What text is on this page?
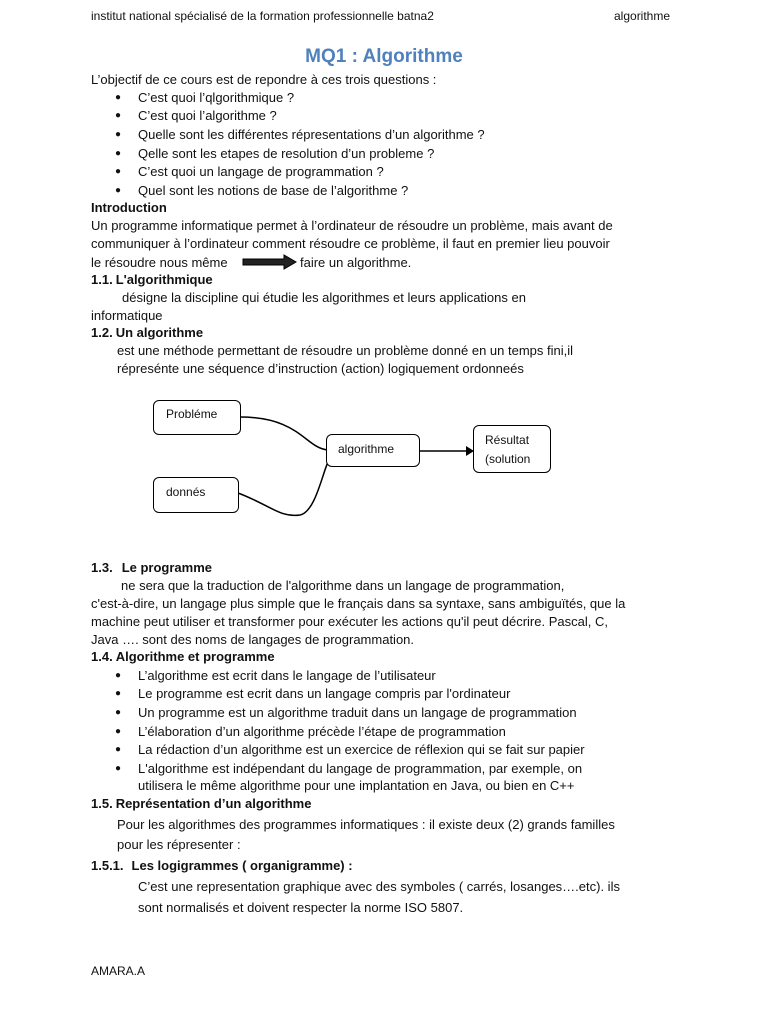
institut national spécialisé de la formation professionnelle batna2	algorithme
MQ1 : Algorithme
L’objectif de ce cours est de repondre à ces trois questions :
● C’est quoi l’qlgorithmique ?
● C’est quoi l’algorithme ?
● Quelle sont les différentes répresentations d’un algorithme ?
● Qelle sont les etapes de resolution d’un probleme ?
● C’est quoi un langage de programmation ?
● Quel sont les notions de base de l’algorithme ?
Introduction
Un programme informatique permet à l’ordinateur de résoudre un problème, mais avant de
communiquer à l’ordinateur comment résoudre ce problème, il faut en premier lieu pouvoir
le résoudre nous même	faire un algorithme.
1.1. L'algorithmique
désigne la discipline qui étudie les algorithmes et leurs applications en
informatique
1.2. Un algorithme
est une méthode permettant de résoudre un problème donné en un temps fini,il
répresénte une séquence d’instruction (action) logiquement ordonneés
Probléme
donnés
algorithme
Résultat
(solution
1.3. Le programme
ne sera que la traduction de l'algorithme dans un langage de programmation,
c'est-à-dire, un langage plus simple que le français dans sa syntaxe, sans ambiguïtés, que la
machine peut utiliser et transformer pour exécuter les actions qu'il peut décrire. Pascal, C,
Java …. sont des noms de langages de programmation.
1.4. Algorithme et programme
● L’algorithme est ecrit dans le langage de l’utilisateur
● Le programme est ecrit dans un langage compris par l'ordinateur
● Un programme est un algorithme traduit dans un langage de programmation
● L’élaboration d’un algorithme précède l’étape de programmation
● La rédaction d’un algorithme est un exercice de réflexion qui se fait sur papier
● L'algorithme est indépendant du langage de programmation, par exemple, on
utilisera le même algorithme pour une implantation en Java, ou bien en C++
1.5. Représentation d’un algorithme
Pour les algorithmes des programmes informatiques : il existe deux (2) grands familles
pour les répresenter :
1.5.1. Les logigrammes ( organigramme) :
C’est une representation graphique avec des symboles ( carrés, losanges….etc). ils
sont normalisés et doivent respecter la norme ISO 5807.
AMARA.A
